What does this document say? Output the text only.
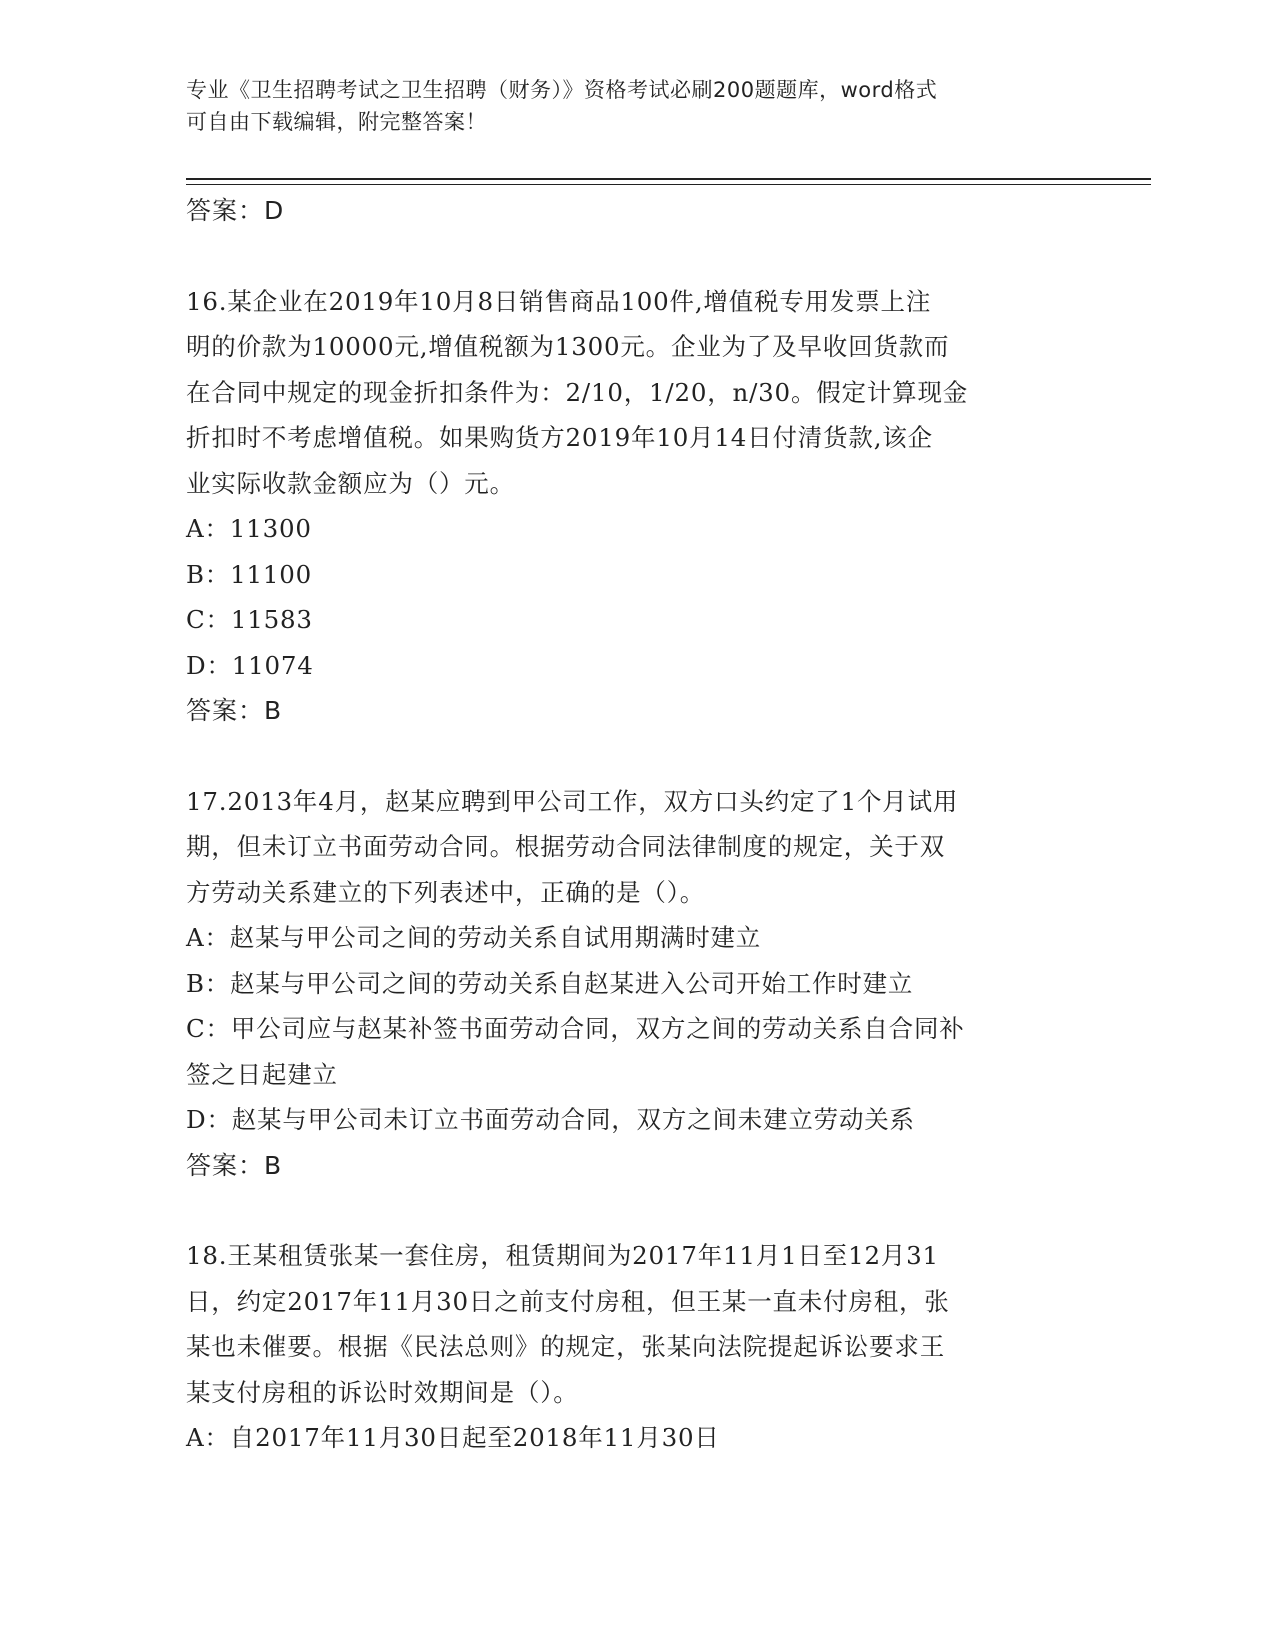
专业《卫生招聘考试之卫生招聘（财务）》资格考试必刷200题题库，word格式
可自由下载编辑，附完整答案！

答案：D

16.某企业在2019年10月8日销售商品100件,增值税专用发票上注

明的价款为10000元,增值税额为1300元。企业为了及早收回货款而

在合同中规定的现金折扣条件为：2/10，1/20，n/30。假定计算现金

折扣时不考虑增值税。如果购货方2019年10月14日付清货款,该企

业实际收款金额应为（）元。

A：11300

B：11100

C：11583

D：11074

答案：B

17.2013年4月，赵某应聘到甲公司工作，双方口头约定了1个月试用

期，但未订立书面劳动合同。根据劳动合同法律制度的规定，关于双

方劳动关系建立的下列表述中，正确的是（）。

A：赵某与甲公司之间的劳动关系自试用期满时建立

B：赵某与甲公司之间的劳动关系自赵某进入公司开始工作时建立

C：甲公司应与赵某补签书面劳动合同，双方之间的劳动关系自合同补

签之日起建立

D：赵某与甲公司未订立书面劳动合同，双方之间未建立劳动关系

答案：B

18.王某租赁张某一套住房，租赁期间为2017年11月1日至12月31

日，约定2017年11月30日之前支付房租，但王某一直未付房租，张

某也未催要。根据《民法总则》的规定，张某向法院提起诉讼要求王

某支付房租的诉讼时效期间是（）。

A：自2017年11月30日起至2018年11月30日
